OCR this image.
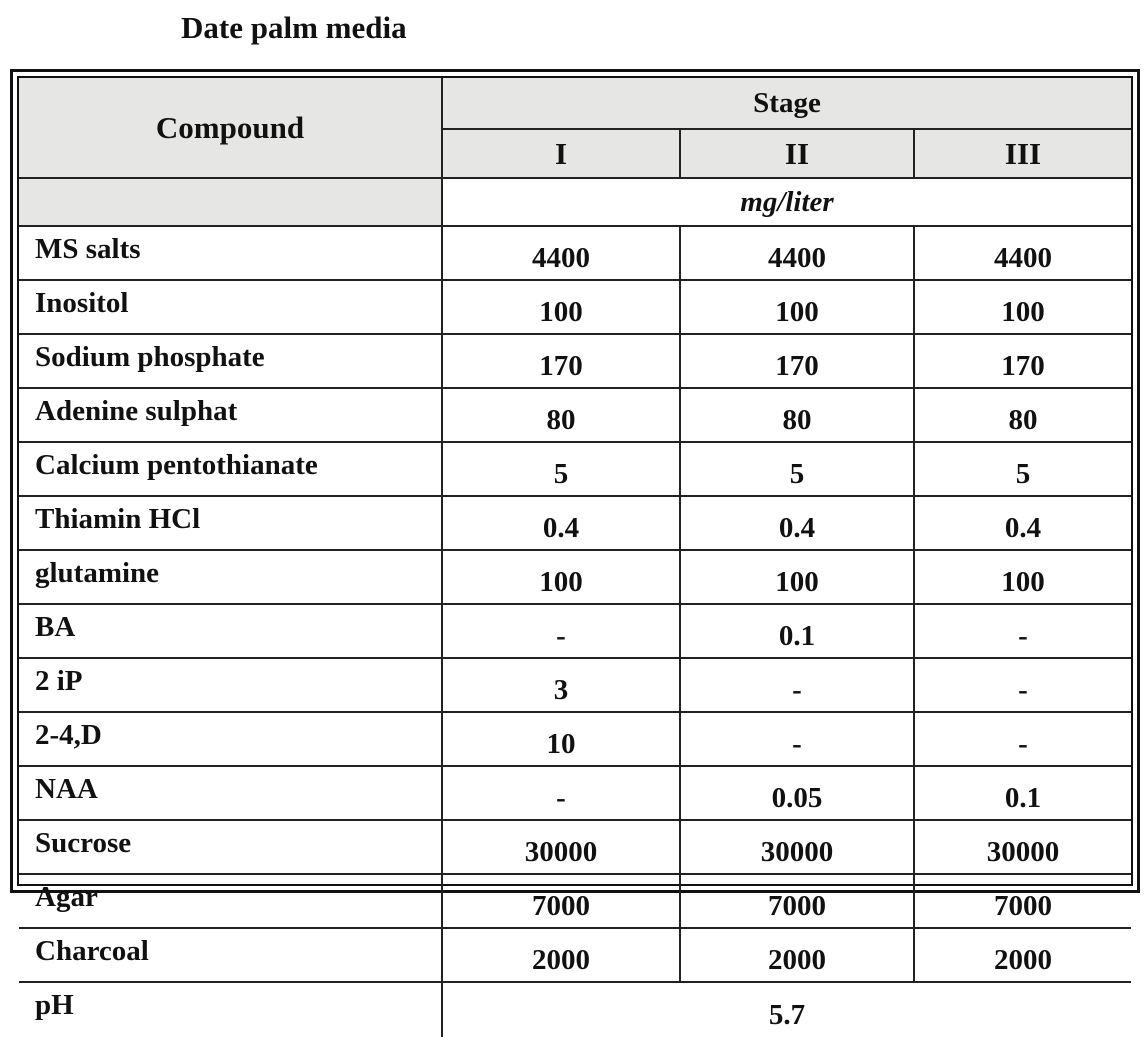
Date palm media
Compound	Stage		
	I	II	III
	mg/liter		
MS salts	4400	4400	4400
Inositol	100	100	100
Sodium phosphate	170	170	170
Adenine sulphat	80	80	80
Calcium pentothianate	5	5	5
Thiamin HCl	0.4	0.4	0.4
glutamine	100	100	100
BA	-	0.1	-
2 iP	3	-	-
2-4,D	10	-	-
NAA	-	0.05	0.1
Sucrose	30000	30000	30000
Agar	7000	7000	7000
Charcoal	2000	2000	2000
pH	5.7		
